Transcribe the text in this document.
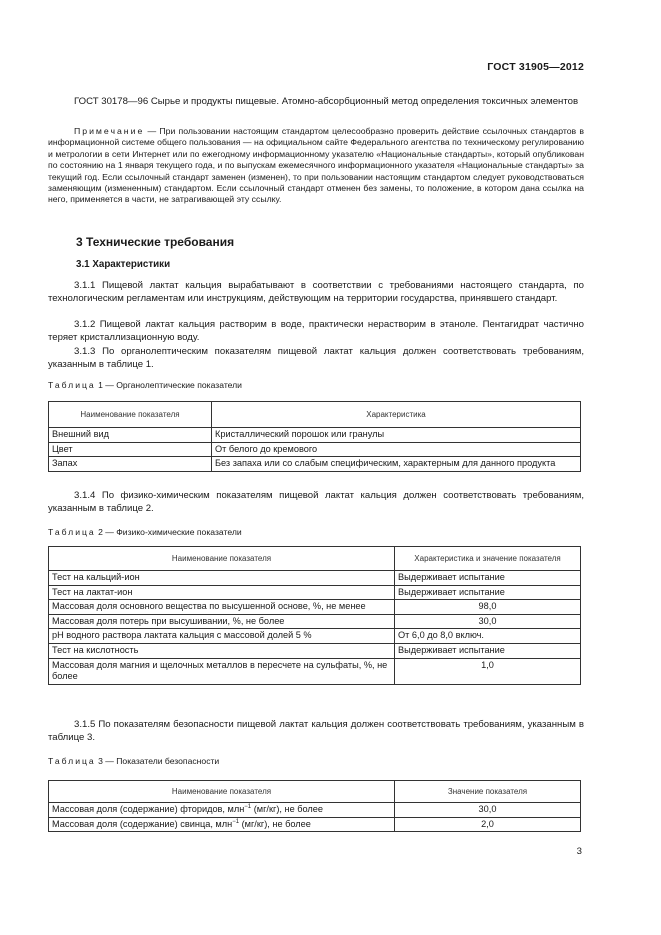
ГОСТ 31905—2012
ГОСТ 30178—96 Сырье и продукты пищевые. Атомно-абсорбционный метод определения токсичных элементов
Примечание — При пользовании настоящим стандартом целесообразно проверить действие ссылочных стандартов в информационной системе общего пользования — на официальном сайте Федерального агентства по техническому регулированию и метрологии в сети Интернет или по ежегодному информационному указателю «Национальные стандарты», который опубликован по состоянию на 1 января текущего года, и по выпускам ежемесячного информационного указателя «Национальные стандарты» за текущий год. Если ссылочный стандарт заменен (изменен), то при пользовании настоящим стандартом следует руководствоваться заменяющим (измененным) стандартом. Если ссылочный стандарт отменен без замены, то положение, в котором дана ссылка на него, применяется в части, не затрагивающей эту ссылку.
3 Технические требования
3.1 Характеристики
3.1.1 Пищевой лактат кальция вырабатывают в соответствии с требованиями настоящего стандарта, по технологическим регламентам или инструкциям, действующим на территории государства, принявшего стандарт.
3.1.2 Пищевой лактат кальция растворим в воде, практически нерастворим в этаноле. Пентагидрат частично теряет кристаллизационную воду.
3.1.3 По органолептическим показателям пищевой лактат кальция должен соответствовать требованиям, указанным в таблице 1.
Таблица 1 — Органолептические показатели
Наименование показателя	Характеристика
Внешний вид	Кристаллический порошок или гранулы
Цвет	От белого до кремового
Запах	Без запаха или со слабым специфическим, характерным для данного продукта
3.1.4 По физико-химическим показателям пищевой лактат кальция должен соответствовать требованиям, указанным в таблице 2.
Таблица 2 — Физико-химические показатели
Наименование показателя	Характеристика и значение показателя
Тест на кальций-ион	Выдерживает испытание
Тест на лактат-ион	Выдерживает испытание
Массовая доля основного вещества по высушенной основе, %, не менее	98,0
Массовая доля потерь при высушивании, %, не более	30,0
pH водного раствора лактата кальция с массовой долей 5 %	От 6,0 до 8,0 включ.
Тест на кислотность	Выдерживает испытание
Массовая доля магния и щелочных металлов в пересчете на сульфаты, %, не более	1,0
3.1.5 По показателям безопасности пищевой лактат кальция должен соответствовать требованиям, указанным в таблице 3.
Таблица 3 — Показатели безопасности
Наименование показателя	Значение показателя
Массовая доля (содержание) фторидов, млн$^{-1}$ (мг/кг), не более	30,0
Массовая доля (содержание) свинца, млн$^{-1}$ (мг/кг), не более	2,0
3
